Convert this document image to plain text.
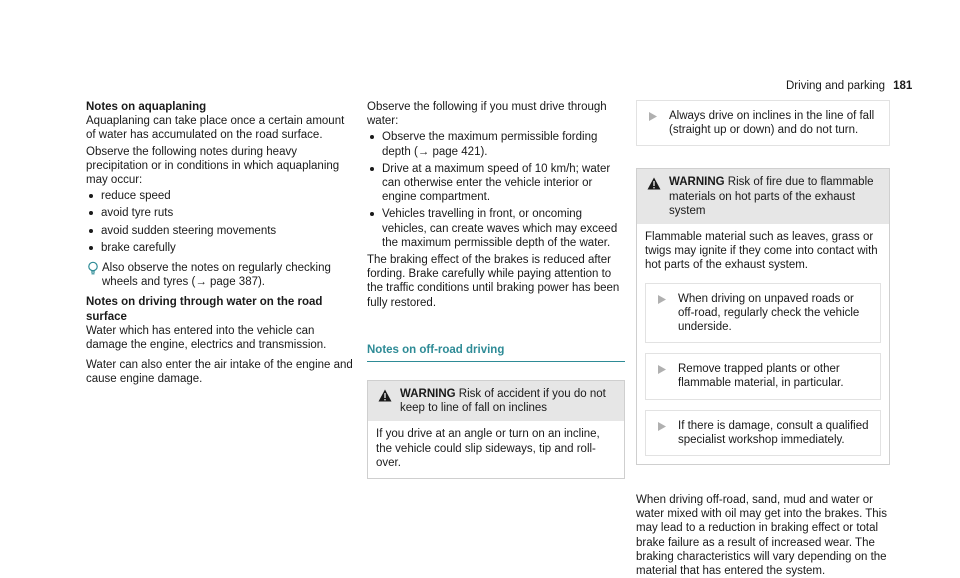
Driving and parking 181

Notes on aquaplaning

Aquaplaning can take place once a certain amount of water has accumulated on the road surface.

Observe the following notes during heavy precipitation or in conditions in which aquaplaning may occur:

reduce speed
avoid tyre ruts
avoid sudden steering movements
brake carefully
Also observe the notes on regularly checking wheels and tyres (→ page 387).

Notes on driving through water on the road surface

Water which has entered into the vehicle can damage the engine, electrics and transmission.

Water can also enter the air intake of the engine and cause engine damage.

Observe the following if you must drive through water:

Observe the maximum permissible fording depth (→ page 421).
Drive at a maximum speed of 10 km/h; water can otherwise enter the vehicle interior or engine compartment.
Vehicles travelling in front, or oncoming vehicles, can create waves which may exceed the maximum permissible depth of the water.

The braking effect of the brakes is reduced after fording. Brake carefully while paying attention to the traffic conditions until braking power has been fully restored.

Notes on off-road driving
WARNING Risk of accident if you do not keep to line of fall on inclines
If you drive at an angle or turn on an incline, the vehicle could slip sideways, tip and roll-over.
Always drive on inclines in the line of fall (straight up or down) and do not turn.
WARNING Risk of fire due to flammable materials on hot parts of the exhaust system

Flammable material such as leaves, grass or twigs may ignite if they come into contact with hot parts of the exhaust system.

When driving on unpaved roads or off-road, regularly check the vehicle underside.
Remove trapped plants or other flammable material, in particular.
If there is damage, consult a qualified specialist workshop immediately.

When driving off-road, sand, mud and water or water mixed with oil may get into the brakes. This may lead to a reduction in braking effect or total brake failure as a result of increased wear. The braking characteristics will vary depending on the material that has entered the system.
